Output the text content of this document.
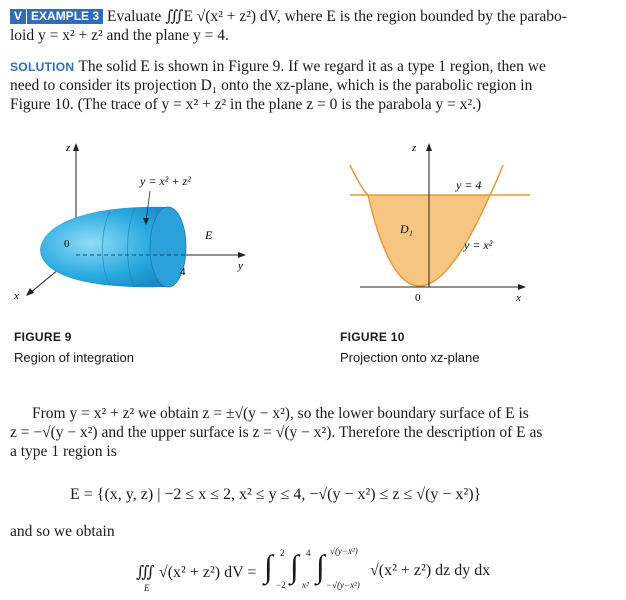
V EXAMPLE 3 Evaluate ∭E √(x² + z²) dV, where E is the region bounded by the parabo-
loid y = x² + z² and the plane y = 4.
SOLUTION The solid E is shown in Figure 9. If we regard it as a type 1 region, then we
need to consider its projection D₁ onto the xz-plane, which is the parabolic region in
Figure 10. (The trace of y = x² + z² in the plane z = 0 is the parabola y = x².)
z
x
y
0
4
y = x² + z²
E
FIGURE 9
Region of integration
z
x
0
D₁
y = 4
y = x²
FIGURE 10
Projection onto xz-plane
From y = x² + z² we obtain z = ±√(y − x²), so the lower boundary surface of E is
z = −√(y − x²) and the upper surface is z = √(y − x²). Therefore the description of E as
a type 1 region is
E = {(x, y, z) | −2 ≤ x ≤ 2, x² ≤ y ≤ 4, −√(y − x²) ≤ z ≤ √(y − x²)}
and so we obtain
∭ √(x² + z²) dV =
E
∫ 2
−2
∫ 4
x²
∫ √(y−x²)
−√(y−x²)
√(x² + z²) dz dy dx
